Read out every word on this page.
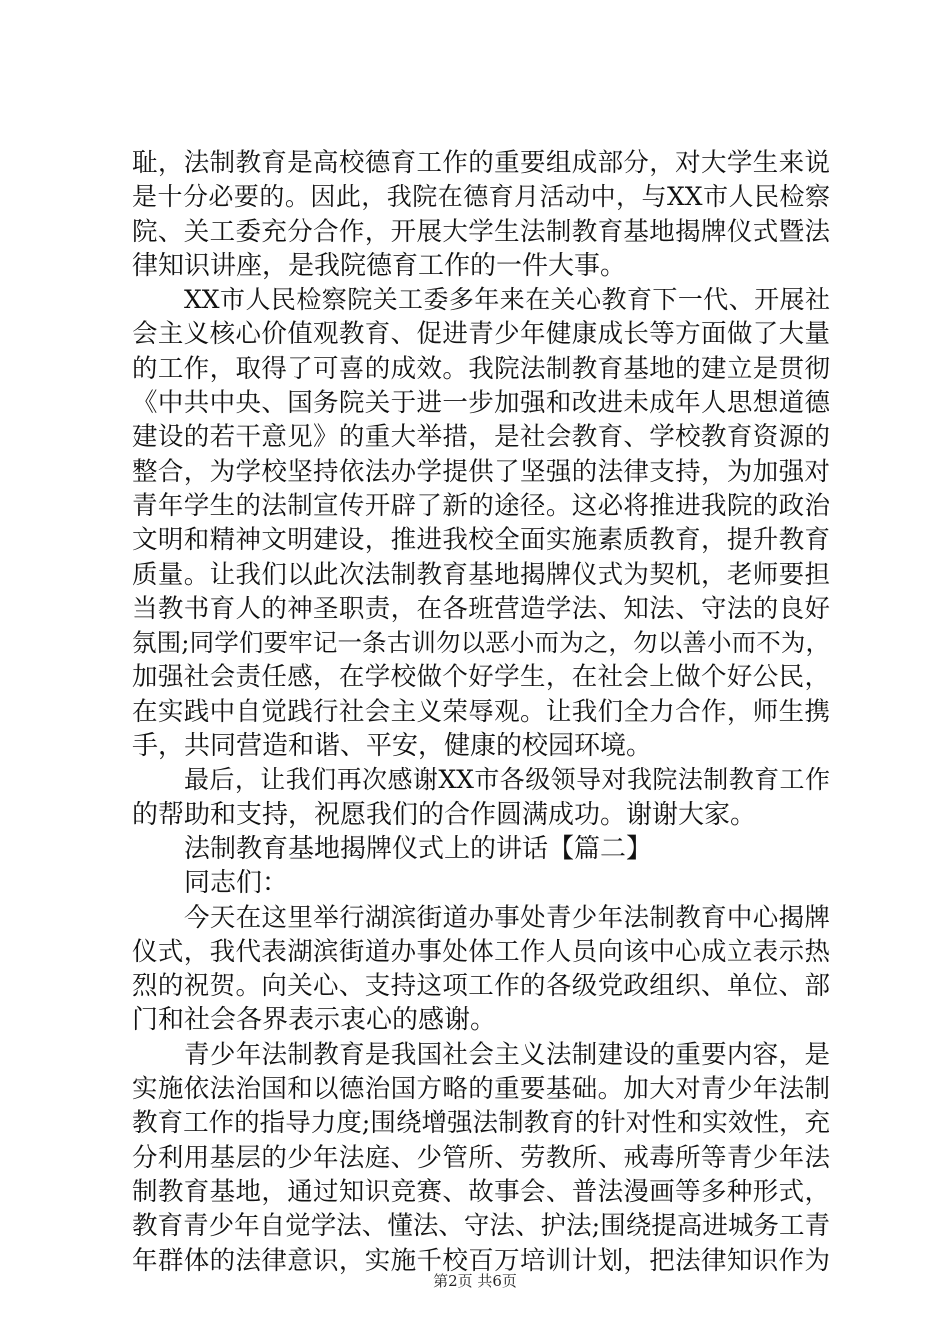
耻，法制教育是高校德育工作的重要组成部分，对大学生来说
是十分必要的。因此，我院在德育月活动中，与XX市人民检察
院、关工委充分合作，开展大学生法制教育基地揭牌仪式暨法
律知识讲座，是我院德育工作的一件大事。
XX市人民检察院关工委多年来在关心教育下一代、开展社
会主义核心价值观教育、促进青少年健康成长等方面做了大量
的工作，取得了可喜的成效。我院法制教育基地的建立是贯彻
《中共中央、国务院关于进一步加强和改进未成年人思想道德
建设的若干意见》的重大举措，是社会教育、学校教育资源的
整合，为学校坚持依法办学提供了坚强的法律支持，为加强对
青年学生的法制宣传开辟了新的途径。这必将推进我院的政治
文明和精神文明建设，推进我校全面实施素质教育，提升教育
质量。让我们以此次法制教育基地揭牌仪式为契机，老师要担
当教书育人的神圣职责，在各班营造学法、知法、守法的良好
氛围;同学们要牢记一条古训勿以恶小而为之，勿以善小而不为，
加强社会责任感，在学校做个好学生，在社会上做个好公民，
在实践中自觉践行社会主义荣辱观。让我们全力合作，师生携
手，共同营造和谐、平安，健康的校园环境。
最后，让我们再次感谢XX市各级领导对我院法制教育工作
的帮助和支持，祝愿我们的合作圆满成功。谢谢大家。
法制教育基地揭牌仪式上的讲话【篇二】
同志们：
今天在这里举行湖滨街道办事处青少年法制教育中心揭牌
仪式，我代表湖滨街道办事处体工作人员向该中心成立表示热
烈的祝贺。向关心、支持这项工作的各级党政组织、单位、部
门和社会各界表示衷心的感谢。
青少年法制教育是我国社会主义法制建设的重要内容，是
实施依法治国和以德治国方略的重要基础。加大对青少年法制
教育工作的指导力度;围绕增强法制教育的针对性和实效性，充
分利用基层的少年法庭、少管所、劳教所、戒毒所等青少年法
制教育基地，通过知识竞赛、故事会、普法漫画等多种形式，
教育青少年自觉学法、懂法、守法、护法;围绕提高进城务工青
年群体的法律意识，实施千校百万培训计划，把法律知识作为
第2页 共6页
